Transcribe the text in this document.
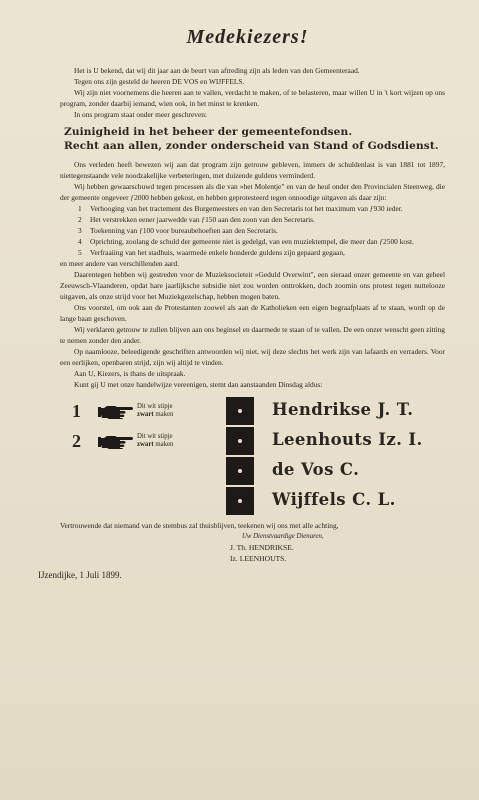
Medekiezers!

Het is U bekend, dat wij dit jaar aan de beurt van aftreding zijn als leden van den Gemeenteraad.

Tegen ons zijn gesteld de heeren DE VOS en WIJFFELS.

Wij zijn niet voornemens die heeren aan te vallen, verdacht te maken, of te belasteren, maar willen U in 't kort wijzen op ons program, zonder daarbij iemand, wien ook, in het minst te krenken.

In ons program staat onder meer geschreven:

Zuinigheid in het beheer der gemeentefondsen.
Recht aan allen, zonder onderscheid van Stand of Godsdienst.

Ons verleden heeft bewezen wij aan dat program zijn getrouw gebleven, immers de schuldenlast is van 1881 tot 1897, niettegenstaande vele noodzakelijke verbeteringen, met duizende guldens verminderd.

Wij hebben gewaarschuwd tegen processen als die van »het Molentje" en van de heul onder den Provincialen Steenweg, die der gemeente ongeveer ƒ2000 hebben gekost, en hebben geprotesteerd tegen onnoodige uitgaven als daar zijn:

1	Verhooging van het tractement des Burgemeesters en van den Secretaris tot het maximum van ƒ930 ieder.
2	Het verstrekken eener jaarwedde van ƒ150 aan den zoon van den Secretaris.
3	Toekenning van ƒ100 voor bureaubehoeften aan den Secretaris.
4	Oprichting, zoolang de schuld der gemeente niet is gedelgd, van een muziektempel, die meer dan ƒ2500 kost.
5	Verfraaiing van het stadhuis, waarmede enkele honderde guldens zijn gepaard gegaan,

en meer andere van verschillenden aard.

Daarentegen hebben wij gestreden voor de Muzieksocieteit »Geduld Overwint", een sieraad onzer gemeente en van geheel Zeeuwsch-Vlaanderen, opdat hare jaarlijksche subsidie niet zou worden onttrokken, doch zoomin ons protest tegen nuttelooze uitgaven, als onze strijd voor het Muziekgezelschap, hebben mogen baten.

Ons voorstel, om ook aan de Protestanten zoowel als aan de Katholieken een eigen begraafplaats af te staan, wordt op de lange baan geschoven.

Wij verklaren getrouw te zullen blijven aan ons beginsel en daarmede te staan of te vallen. De een onzer wenscht geen zitting te nemen zonder den ander.

Op naamlooze, beleedigende geschriften antwoorden wij niet, wij deze slechts het werk zijn van lafaards en verraders. Voor een eerlijken, openbaren strijd, zijn wij altijd te vinden.

Aan U, Kiezers, is thans de uitspraak.

Kunt gij U met onze handelwijze vereenigen, stemt dan aanstaanden Dinsdag aldus:

1	Dit wit stipje
zwart maken	Hendrikse J. T.
2	Dit wit stipje
zwart maken	Leenhouts Iz. I.
de Vos C.
Wijffels C. L.
Vertrouwende dat niemand van de stembus zal thuisblijven, teekenen wij ons met alle achting,
Uw Dienstvaardige Dienaren,
J. Th. HENDRIKSE.
Iz. LEENHOUTS.
IJzendijke, 1 Juli 1899.
